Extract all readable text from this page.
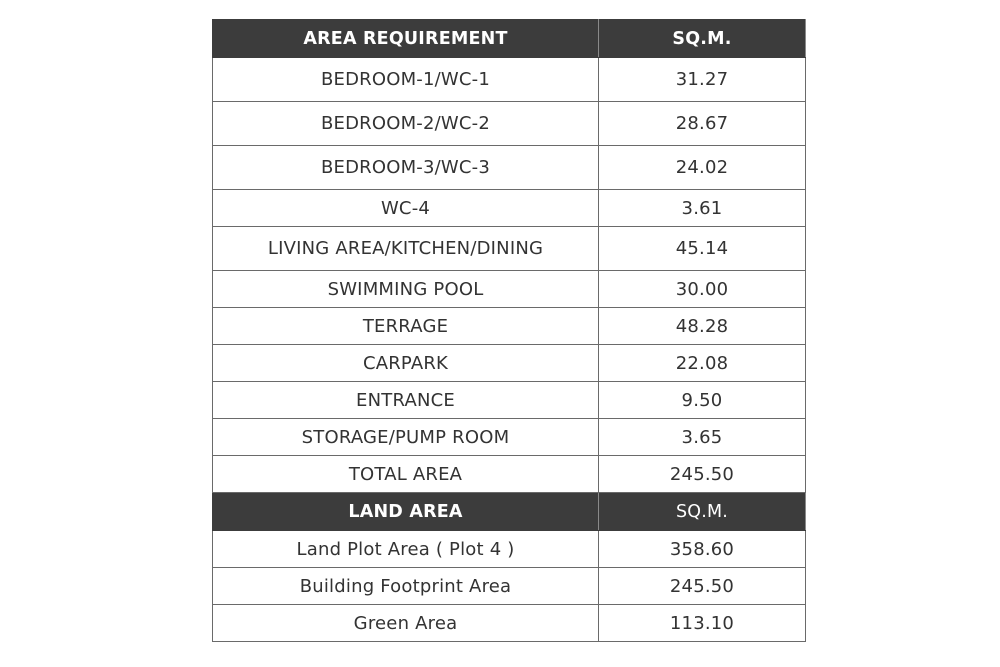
AREA REQUIREMENT	SQ.M.
BEDROOM-1/WC-1	31.27
BEDROOM-2/WC-2	28.67
BEDROOM-3/WC-3	24.02
WC-4	3.61
LIVING AREA/KITCHEN/DINING	45.14
SWIMMING POOL	30.00
TERRAGE	48.28
CARPARK	22.08
ENTRANCE	9.50
STORAGE/PUMP ROOM	3.65
TOTAL AREA	245.50
LAND AREA	SQ.M.
Land Plot Area ( Plot 4 )	358.60
Building Footprint Area	245.50
Green Area	113.10
